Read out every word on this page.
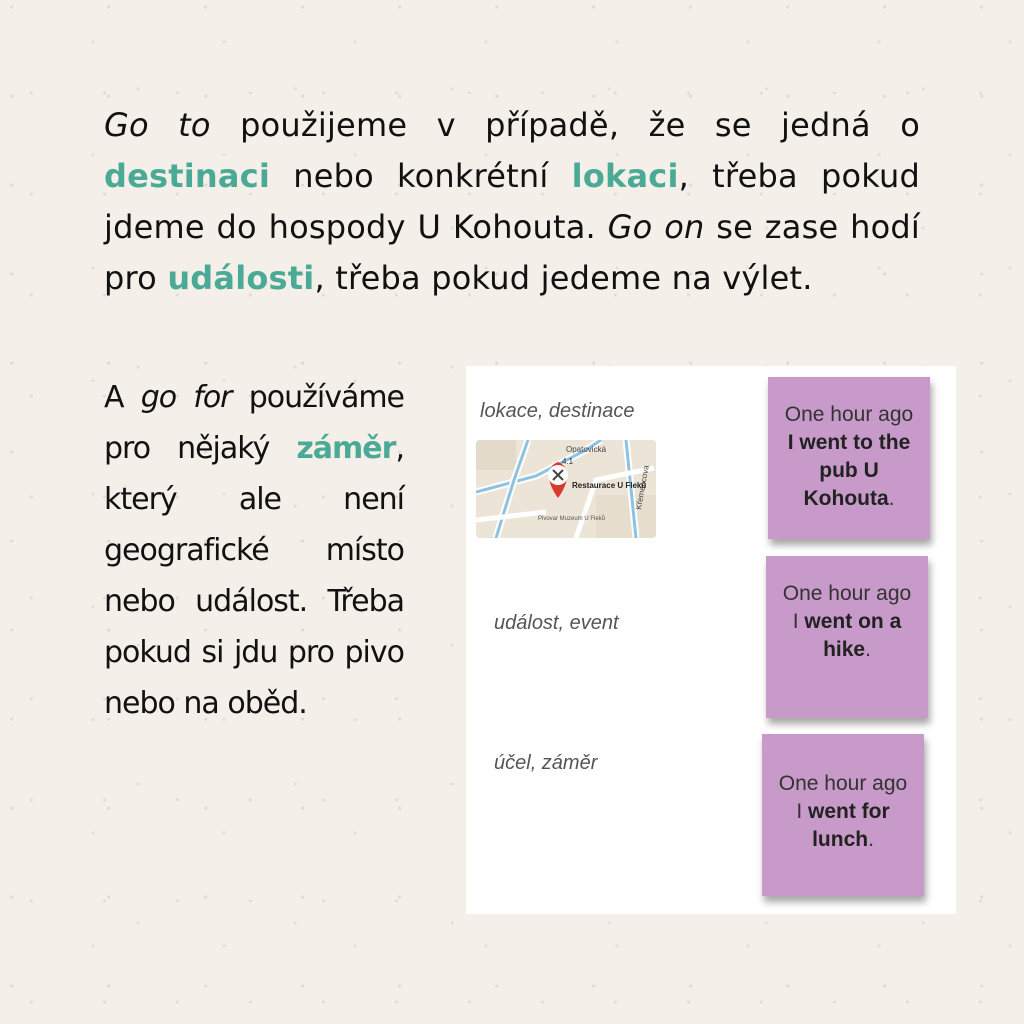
Go to použijeme v případě, že se jedná o destinaci nebo konkrétní lokaci, třeba pokud jdeme do hospody U Kohouta. Go on se zase hodí pro události, třeba pokud jedeme na výlet.

A go for používáme pro nějaký záměr, který ale není geografické místo nebo událost. Třeba pokud si jdu pro pivo nebo na oběd.

lokace, destinace
Opatovická
Křemencova
Restaurace U Fleků
Pivovar Muzeum U Fleků
4.1
One hour ago
I went to the pub U Kohouta.
událost, event
One hour ago
I went on a hike.
účel, záměr
One hour ago
I went for lunch.
